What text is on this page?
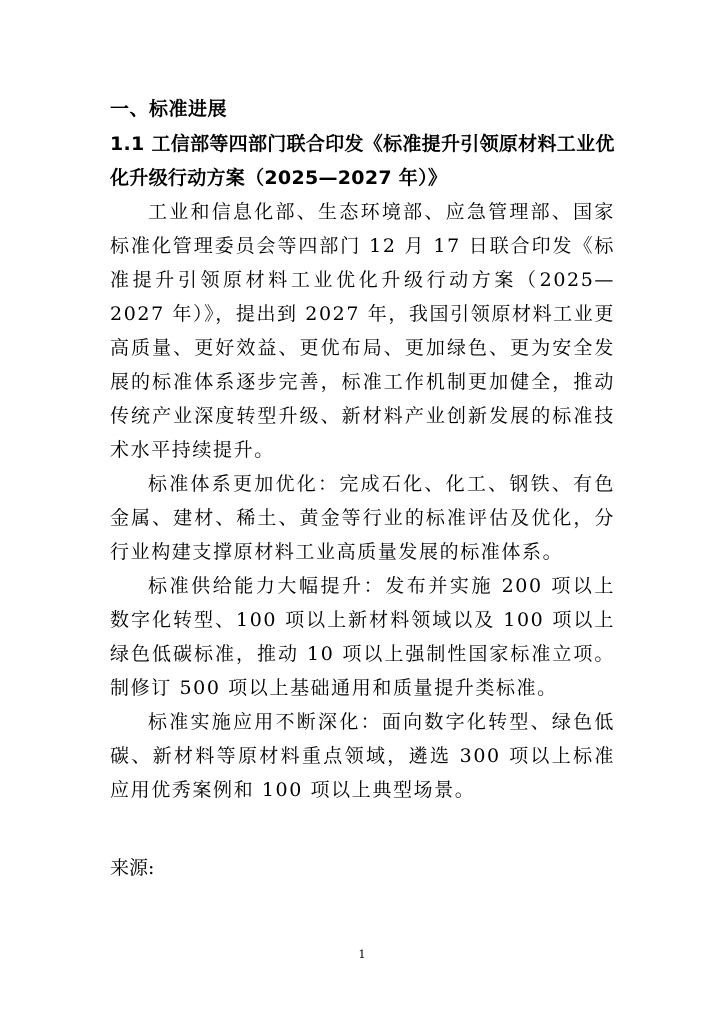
一、标准进展
1.1 工信部等四部门联合印发《标准提升引领原材料工业优化升级行动方案（2025—2027 年）》

工业和信息化部、生态环境部、应急管理部、国家标准化管理委员会等四部门 12 月 17 日联合印发《标准提升引领原材料工业优化升级行动方案（2025—2027 年）》，提出到 2027 年，我国引领原材料工业更高质量、更好效益、更优布局、更加绿色、更为安全发展的标准体系逐步完善，标准工作机制更加健全，推动传统产业深度转型升级、新材料产业创新发展的标准技术水平持续提升。

标准体系更加优化：完成石化、化工、钢铁、有色金属、建材、稀土、黄金等行业的标准评估及优化，分行业构建支撑原材料工业高质量发展的标准体系。

标准供给能力大幅提升：发布并实施 200 项以上数字化转型、100 项以上新材料领域以及 100 项以上绿色低碳标准，推动 10 项以上强制性国家标准立项。制修订 500 项以上基础通用和质量提升类标准。

标准实施应用不断深化：面向数字化转型、绿色低碳、新材料等原材料重点领域，遴选 300 项以上标准应用优秀案例和 100 项以上典型场景。

来源:
1
